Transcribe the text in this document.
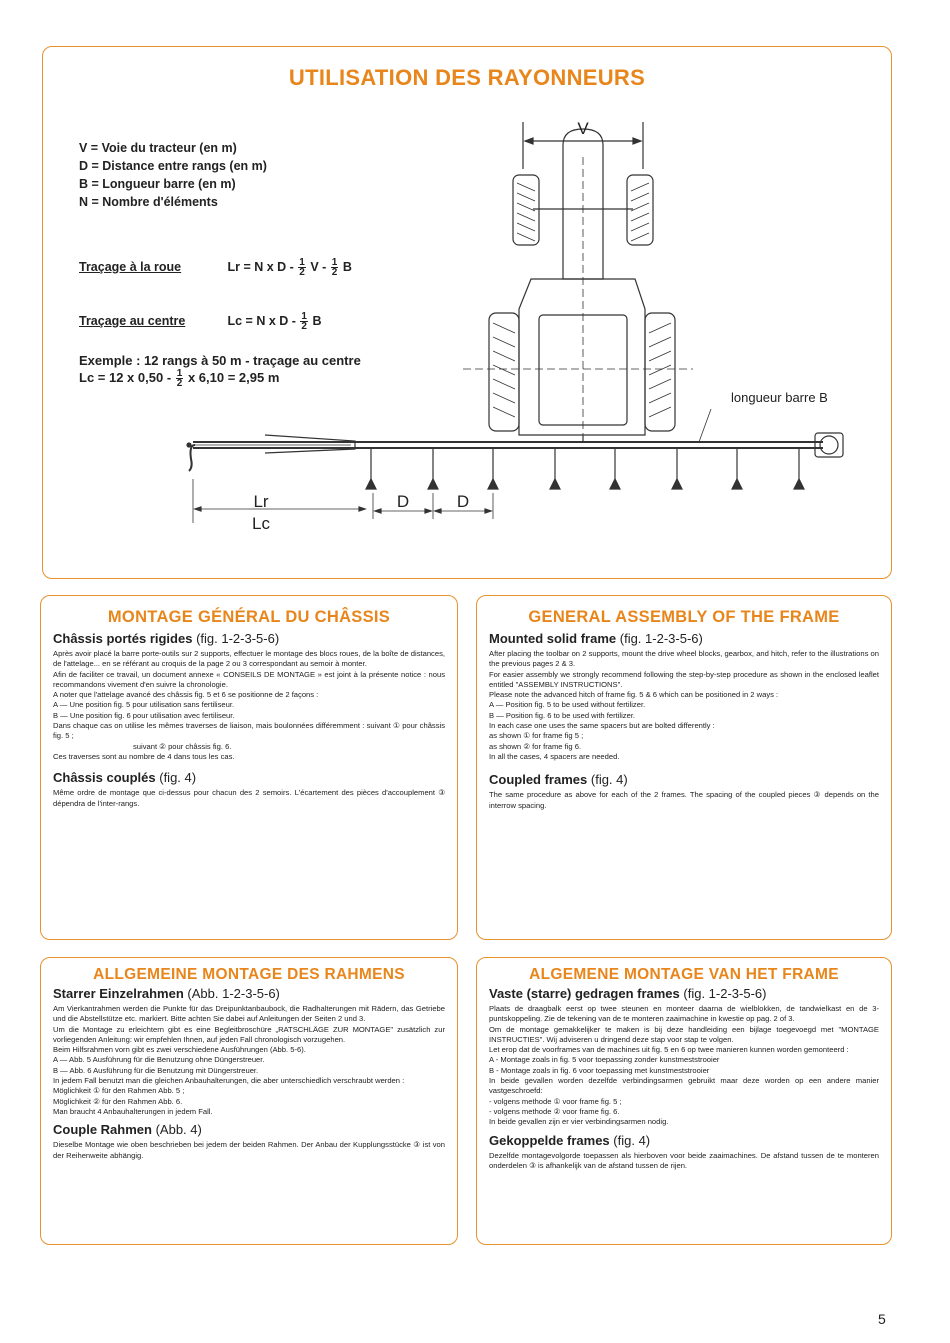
UTILISATION DES RAYONNEURS
V = Voie du tracteur (en m)
D = Distance entre rangs (en m)
B = Longueur barre (en m)
N = Nombre d'éléments
Traçage à la roue	Lr = N x D - $\frac{1}{2}$ V - $\frac{1}{2}$ B
Traçage au centre	Lc = N x D - $\frac{1}{2}$ B
Exemple : 12 rangs à 50 m - traçage au centre
Lc = 12 x $0,50 - \frac{1}{2}$ x 6,10 = 2,95 m
V
longueur barre B
D	D
Lr
Lc
MONTAGE GÉNÉRAL DU CHÂSSIS
Châssis portés rigides (fig. 1-2-3-5-6)

Après avoir placé la barre porte-outils sur 2 supports, effectuer le montage des blocs roues, de la boîte de distances, de l'attelage... en se référant au croquis de la page 2 ou 3 correspondant au semoir à monter.

Afin de faciliter ce travail, un document annexe « CONSEILS DE MONTAGE » est joint à la présente notice : nous recommandons vivement d'en suivre la chronologie.

A noter que l'attelage avancé des châssis fig. 5 et 6 se positionne de 2 façons :

A — Une position fig. 5 pour utilisation sans fertiliseur.

B — Une position fig. 6 pour utilisation avec fertiliseur.

Dans chaque cas on utilise les mêmes traverses de liaison, mais boulonnées différemment : suivant ① pour châssis fig. 5 ;

suivant ② pour châssis fig. 6.

Ces traverses sont au nombre de 4 dans tous les cas.

Châssis couplés (fig. 4)

Même ordre de montage que ci-dessus pour chacun des 2 semoirs. L'écartement des pièces d'accouplement ③ dépendra de l'inter-rangs.

GENERAL ASSEMBLY OF THE FRAME
Mounted solid frame (fig. 1-2-3-5-6)

After placing the toolbar on 2 supports, mount the drive wheel blocks, gearbox, and hitch, refer to the illustrations on the previous pages 2 & 3.

For easier assembly we strongly recommend following the step-by-step procedure as shown in the enclosed leaflet entitled "ASSEMBLY INSTRUCTIONS".

Please note the advanced hitch of frame fig. 5 & 6 which can be positioned in 2 ways :

A — Position fig. 5 to be used without fertilizer.

B — Position fig. 6 to be used with fertilizer.

In each case one uses the same spacers but are bolted differently :

as shown ① for frame fig 5 ;

as shown ② for frame fig 6.

In all the cases, 4 spacers are needed.

Coupled frames (fig. 4)

The same procedure as above for each of the 2 frames. The spacing of the coupled pieces ③ depends on the interrow spacing.

ALLGEMEINE MONTAGE DES RAHMENS
Starrer Einzelrahmen (Abb. 1-2-3-5-6)

Am Vierkantrahmen werden die Punkte für das Dreipunktanbaubock, die Radhalterungen mit Rädern, das Getriebe und die Abstellstütze etc. markiert. Bitte achten Sie dabei auf Anleitungen der Seiten 2 und 3.

Um die Montage zu erleichtern gibt es eine Begleitbroschüre „RATSCHLÄGE ZUR MONTAGE" zusätzlich zur vorliegenden Anleitung: wir empfehlen Ihnen, auf jeden Fall chronologisch vorzugehen.

Beim Hilfsrahmen vorn gibt es zwei verschiedene Ausführungen (Abb. 5-6).

A — Abb. 5 Ausführung für die Benutzung ohne Düngerstreuer.

B — Abb. 6 Ausführung für die Benutzung mit Düngerstreuer.

In jedem Fall benutzt man die gleichen Anbauhalterungen, die aber unterschiedlich verschraubt werden :

Möglichkeit ① für den Rahmen Abb. 5 ;

Möglichkeit ② für den Rahmen Abb. 6.

Man braucht 4 Anbauhalterungen in jedem Fall.

Couple Rahmen (Abb. 4)

Dieselbe Montage wie oben beschrieben bei jedem der beiden Rahmen. Der Anbau der Kupplungsstücke ③ ist von der Reihenweite abhängig.

ALGEMENE MONTAGE VAN HET FRAME
Vaste (starre) gedragen frames (fig. 1-2-3-5-6)

Plaats de draagbalk eerst op twee steunen en monteer daarna de wielblokken, de tandwielkast en de 3-puntskoppeling. Zie de tekening van de te monteren zaaimachine in kwestie op pag. 2 of 3.

Om de montage gemakkelijker te maken is bij deze handleiding een bijlage toegevoegd met "MONTAGE INSTRUCTIES". Wij adviseren u dringend deze stap voor stap te volgen.

Let erop dat de voorframes van de machines uit fig. 5 en 6 op twee manieren kunnen worden gemonteerd :

A - Montage zoals in fig. 5 voor toepassing zonder kunstmeststrooier

B - Montage zoals in fig. 6 voor toepassing met kunstmeststrooier

In beide gevallen worden dezelfde verbindingsarmen gebruikt maar deze worden op een andere manier vastgeschroefd:

- volgens methode ① voor frame fig. 5 ;

- volgens methode ② voor frame fig. 6.

In beide gevallen zijn er vier verbindingsarmen nodig.

Gekoppelde frames (fig. 4)

Dezelfde montagevolgorde toepassen als hierboven voor beide zaaimachines. De afstand tussen de te monteren onderdelen ③ is afhankelijk van de afstand tussen de rijen.

5
